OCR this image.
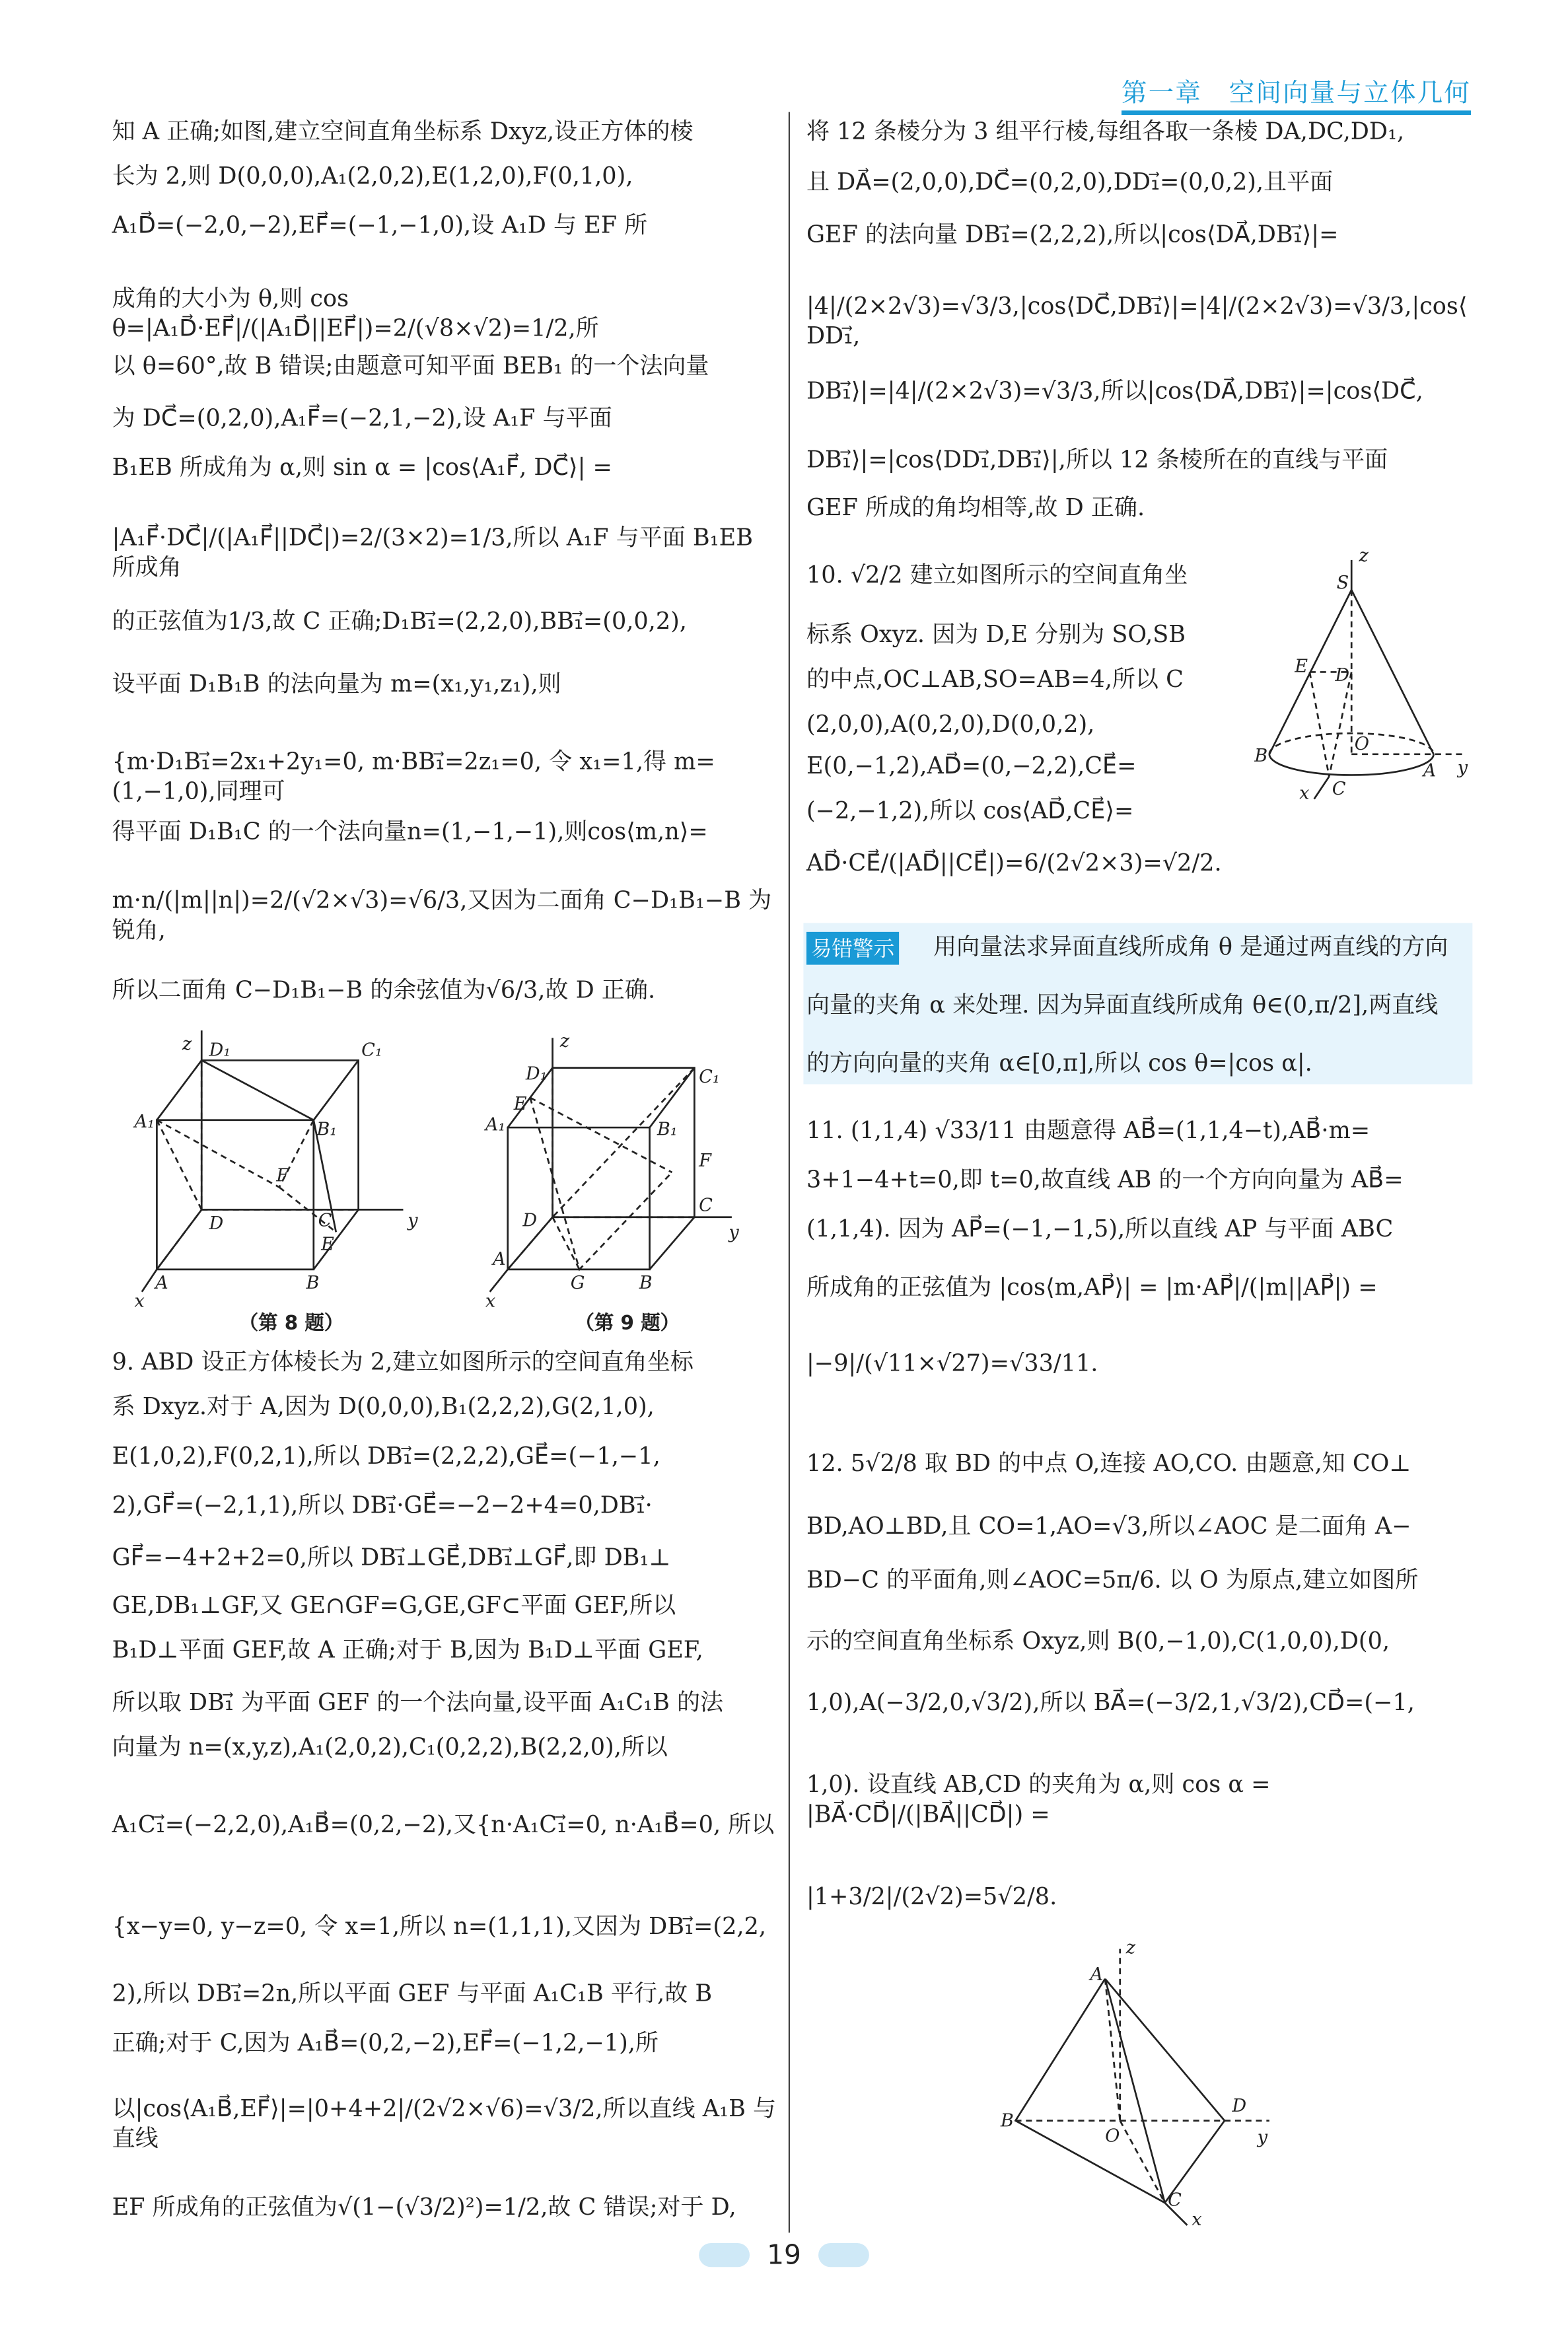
第一章　空间向量与立体几何
易错警示
知 A 正确;如图,建立空间直角坐标系 Dxyz,设正方体的棱
长为 2,则 D(0,0,0),A₁(2,0,2),E(1,2,0),F(0,1,0),
A₁D⃗=(−2,0,−2),EF⃗=(−1,−1,0),设 A₁D 与 EF 所
成角的大小为 θ,则 cos θ=|A₁D⃗·EF⃗|/(|A₁D⃗||EF⃗|)=2/(√8×√2)=1/2,所
以 θ=60°,故 B 错误;由题意可知平面 BEB₁ 的一个法向量
为 DC⃗=(0,2,0),A₁F⃗=(−2,1,−2),设 A₁F 与平面
B₁EB 所成角为 α,则 sin α = |cos⟨A₁F⃗, DC⃗⟩| =
|A₁F⃗·DC⃗|/(|A₁F⃗||DC⃗|)=2/(3×2)=1/3,所以 A₁F 与平面 B₁EB 所成角
的正弦值为1/3,故 C 正确;D₁B₁⃗=(2,2,0),BB₁⃗=(0,0,2),
设平面 D₁B₁B 的法向量为 m=(x₁,y₁,z₁),则
{m·D₁B₁⃗=2x₁+2y₁=0, m·BB₁⃗=2z₁=0, 令 x₁=1,得 m=(1,−1,0),同理可
得平面 D₁B₁C 的一个法向量n=(1,−1,−1),则cos⟨m,n⟩=
m·n/(|m||n|)=2/(√2×√3)=√6/3,又因为二面角 C−D₁B₁−B 为锐角,
所以二面角 C−D₁B₁−B 的余弦值为√6/3,故 D 正确.
9. ABD 设正方体棱长为 2,建立如图所示的空间直角坐标
系 Dxyz.对于 A,因为 D(0,0,0),B₁(2,2,2),G(2,1,0),
E(1,0,2),F(0,2,1),所以 DB₁⃗=(2,2,2),GE⃗=(−1,−1,
2),GF⃗=(−2,1,1),所以 DB₁⃗·GE⃗=−2−2+4=0,DB₁⃗·
GF⃗=−4+2+2=0,所以 DB₁⃗⊥GE⃗,DB₁⃗⊥GF⃗,即 DB₁⊥
GE,DB₁⊥GF,又 GE∩GF=G,GE,GF⊂平面 GEF,所以
B₁D⊥平面 GEF,故 A 正确;对于 B,因为 B₁D⊥平面 GEF,
所以取 DB₁⃗ 为平面 GEF 的一个法向量,设平面 A₁C₁B 的法
向量为 n=(x,y,z),A₁(2,0,2),C₁(0,2,2),B(2,2,0),所以
A₁C₁⃗=(−2,2,0),A₁B⃗=(0,2,−2),又{n·A₁C₁⃗=0, n·A₁B⃗=0, 所以
{x−y=0, y−z=0, 令 x=1,所以 n=(1,1,1),又因为 DB₁⃗=(2,2,
2),所以 DB₁⃗=2n,所以平面 GEF 与平面 A₁C₁B 平行,故 B
正确;对于 C,因为 A₁B⃗=(0,2,−2),EF⃗=(−1,2,−1),所
以|cos⟨A₁B⃗,EF⃗⟩|=|0+4+2|/(2√2×√6)=√3/2,所以直线 A₁B 与直线
EF 所成角的正弦值为√(1−(√3/2)²)=1/2,故 C 错误;对于 D,
将 12 条棱分为 3 组平行棱,每组各取一条棱 DA,DC,DD₁,
且 DA⃗=(2,0,0),DC⃗=(0,2,0),DD₁⃗=(0,0,2),且平面
GEF 的法向量 DB₁⃗=(2,2,2),所以|cos⟨DA⃗,DB₁⃗⟩|=
|4|/(2×2√3)=√3/3,|cos⟨DC⃗,DB₁⃗⟩|=|4|/(2×2√3)=√3/3,|cos⟨DD₁⃗,
DB₁⃗⟩|=|4|/(2×2√3)=√3/3,所以|cos⟨DA⃗,DB₁⃗⟩|=|cos⟨DC⃗,
DB₁⃗⟩|=|cos⟨DD₁⃗,DB₁⃗⟩|,所以 12 条棱所在的直线与平面
GEF 所成的角均相等,故 D 正确.
10. √2/2 建立如图所示的空间直角坐
标系 Oxyz. 因为 D,E 分别为 SO,SB
的中点,OC⊥AB,SO=AB=4,所以 C
(2,0,0),A(0,2,0),D(0,0,2),
E(0,−1,2),AD⃗=(0,−2,2),CE⃗=
(−2,−1,2),所以 cos⟨AD⃗,CE⃗⟩=
AD⃗·CE⃗/(|AD⃗||CE⃗|)=6/(2√2×3)=√2/2.
用向量法求异面直线所成角 θ 是通过两直线的方向
向量的夹角 α 来处理. 因为异面直线所成角 θ∈(0,π/2],两直线
的方向向量的夹角 α∈[0,π],所以 cos θ=|cos α|.
11. (1,1,4) √33/11 由题意得 AB⃗=(1,1,4−t),AB⃗·m=
3+1−4+t=0,即 t=0,故直线 AB 的一个方向向量为 AB⃗=
(1,1,4). 因为 AP⃗=(−1,−1,5),所以直线 AP 与平面 ABC
所成角的正弦值为 |cos⟨m,AP⃗⟩| = |m·AP⃗|/(|m||AP⃗|) =
|−9|/(√11×√27)=√33/11.
12. 5√2/8 取 BD 的中点 O,连接 AO,CO. 由题意,知 CO⊥
BD,AO⊥BD,且 CO=1,AO=√3,所以∠AOC 是二面角 A−
BD−C 的平面角,则∠AOC=5π/6. 以 O 为原点,建立如图所
示的空间直角坐标系 Oxyz,则 B(0,−1,0),C(1,0,0),D(0,
1,0),A(−3/2,0,√3/2),所以 BA⃗=(−3/2,1,√3/2),CD⃗=(−1,
1,0). 设直线 AB,CD 的夹角为 α,则 cos α = |BA⃗·CD⃗|/(|BA⃗||CD⃗|) =
|1+3/2|/(2√2)=5√2/8.
z D₁	C₁
A₁	B₁
F
D	C	y
E
A	B
x
（第 8 题）
z
D₁	C₁
E
A₁	B₁
F
D
C
y
A
G	B
x
（第 9 题）
z
S
E	D
O
B
A	y
x	C
z
A
B
O
D
y
C
x
19
